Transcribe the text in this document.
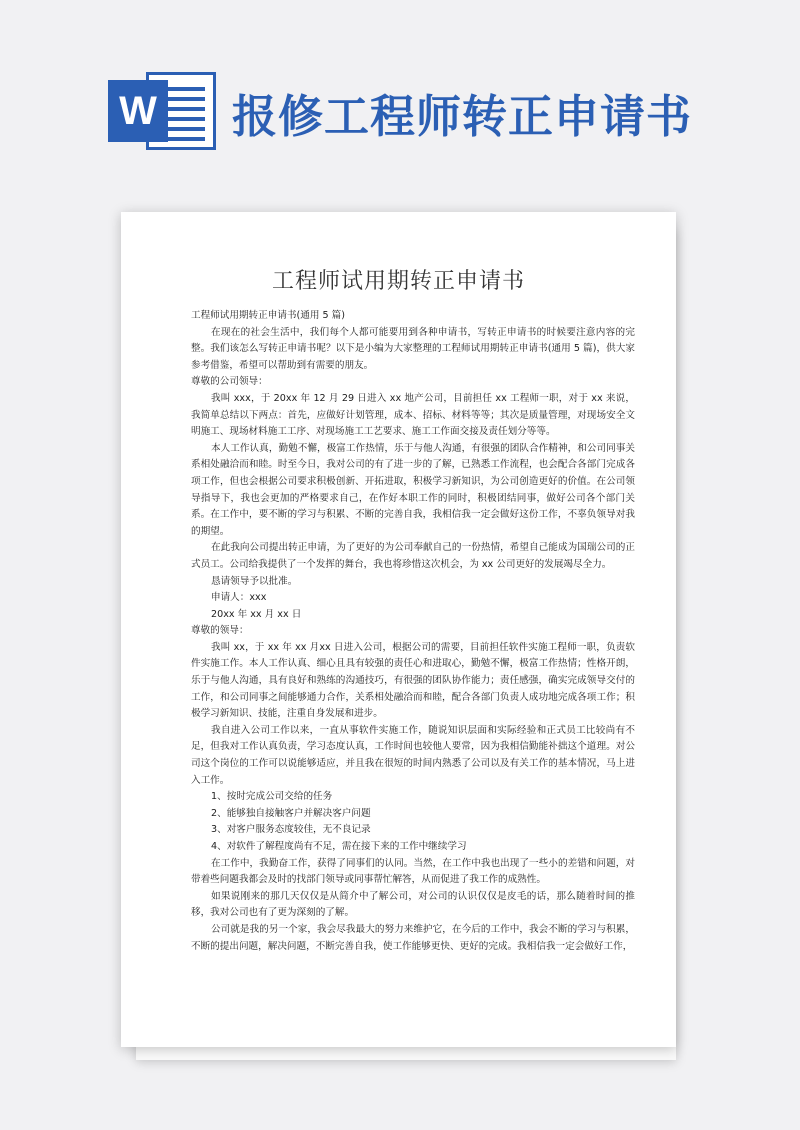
W 报修工程师转正申请书
工程师试用期转正申请书

工程师试用期转正申请书(通用 5 篇)

在现在的社会生活中，我们每个人都可能要用到各种申请书，写转正申请书的时候要注意内容的完整。我们该怎么写转正申请书呢？以下是小编为大家整理的工程师试用期转正申请书(通用 5 篇)，供大家参考借鉴，希望可以帮助到有需要的朋友。

尊敬的公司领导：

我叫 xxx，于 20xx 年 12 月 29 日进入 xx 地产公司，目前担任 xx 工程师一职，对于 xx 来说，我简单总结以下两点：首先，应做好计划管理，成本、招标、材料等等；其次是质量管理，对现场安全文明施工、现场材料施工工序、对现场施工工艺要求、施工工作面交接及责任划分等等。

本人工作认真，勤勉不懈，极富工作热情，乐于与他人沟通，有很强的团队合作精神，和公司同事关系相处融洽而和睦。时至今日，我对公司的有了进一步的了解，已熟悉工作流程，也会配合各部门完成各项工作，但也会根据公司要求积极创新、开拓进取，积极学习新知识，为公司创造更好的价值。在公司领导指导下，我也会更加的严格要求自己，在作好本职工作的同时，积极团结同事，做好公司各个部门关系。在工作中，要不断的学习与积累、不断的完善自我，我相信我一定会做好这份工作，不辜负领导对我的期望。

在此我向公司提出转正申请，为了更好的为公司奉献自己的一份热情，希望自己能成为国瑞公司的正式员工。公司给我提供了一个发挥的舞台，我也将珍惜这次机会，为 xx 公司更好的发展竭尽全力。

恳请领导予以批准。

申请人：xxx

20xx 年 xx 月 xx 日

尊敬的领导：

我叫 xx，于 xx 年 xx 月xx 日进入公司，根据公司的需要，目前担任软件实施工程师一职，负责软件实施工作。本人工作认真、细心且具有较强的责任心和进取心，勤勉不懈，极富工作热情；性格开朗，乐于与他人沟通，具有良好和熟练的沟通技巧，有很强的团队协作能力；责任感强，确实完成领导交付的工作，和公司同事之间能够通力合作，关系相处融洽而和睦，配合各部门负责人成功地完成各项工作；积极学习新知识、技能，注重自身发展和进步。

我自进入公司工作以来，一直从事软件实施工作，随说知识层面和实际经验和正式员工比较尚有不足，但我对工作认真负责，学习态度认真，工作时间也较他人要常，因为我相信勤能补拙这个道理。对公司这个岗位的工作可以说能够适应，并且我在很短的时间内熟悉了公司以及有关工作的基本情况，马上进入工作。

1、按时完成公司交给的任务

2、能够独自接触客户并解决客户问题

3、对客户服务态度较佳，无不良记录

4、对软件了解程度尚有不足，需在接下来的工作中继续学习

在工作中，我勤奋工作，获得了同事们的认同。当然，在工作中我也出现了一些小的差错和问题，对带着些问题我都会及时的找部门领导或同事帮忙解答，从而促进了我工作的成熟性。

如果说刚来的那几天仅仅是从简介中了解公司，对公司的认识仅仅是皮毛的话，那么随着时间的推移，我对公司也有了更为深刻的了解。

公司就是我的另一个家，我会尽我最大的努力来维护它，在今后的工作中，我会不断的学习与积累，不断的提出问题，解决问题，不断完善自我，使工作能够更快、更好的完成。我相信我一定会做好工作，
